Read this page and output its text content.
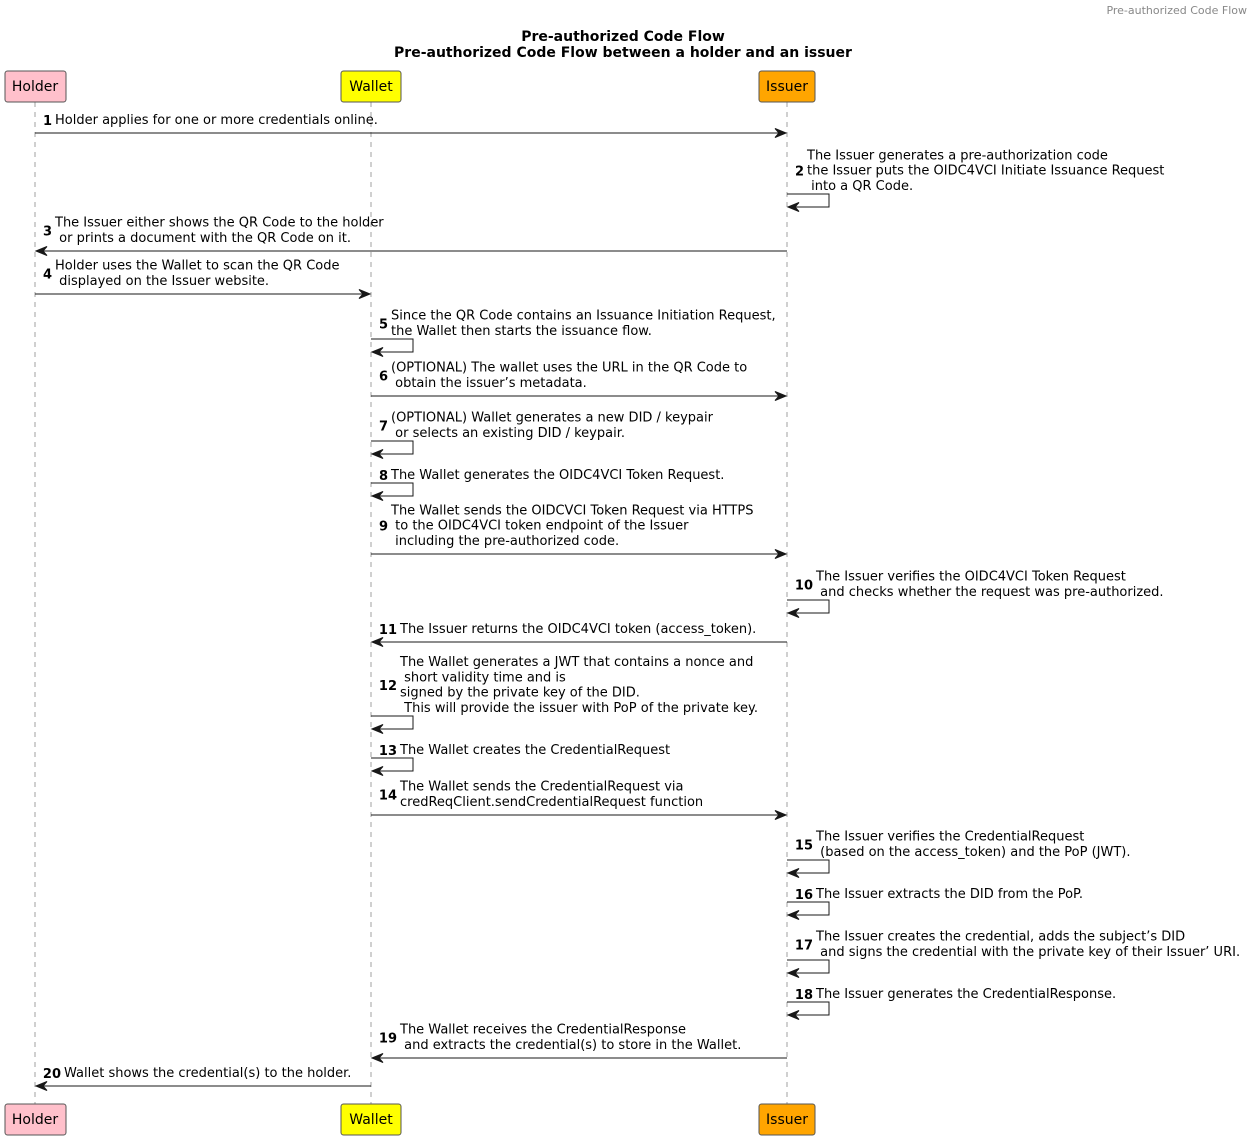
Pre-authorized Code Flow
Pre-authorized Code Flow
Pre-authorized Code Flow between a holder and an issuer
Holder
Holder
Wallet
Wallet
Issuer
Issuer
1 Holder applies for one or more credentials online.
2
The Issuer generates a pre-authorization code
the Issuer puts the OIDC4VCI Initiate Issuance Request
into a QR Code.
3
The Issuer either shows the QR Code to the holder
or prints a document with the QR Code on it.
4
Holder uses the Wallet to scan the QR Code
displayed on the Issuer website.
5
Since the QR Code contains an Issuance Initiation Request,
the Wallet then starts the issuance flow.
6
(OPTIONAL) The wallet uses the URL in the QR Code to
obtain the issuer’s metadata.
7
(OPTIONAL) Wallet generates a new DID / keypair
or selects an existing DID / keypair.
8 The Wallet generates the OIDC4VCI Token Request.
9
The Wallet sends the OIDCVCI Token Request via HTTPS
to the OIDC4VCI token endpoint of the Issuer
including the pre-authorized code.
10
The Issuer verifies the OIDC4VCI Token Request
and checks whether the request was pre-authorized.
11 The Issuer returns the OIDC4VCI token (access_token).
12
The Wallet generates a JWT that contains a nonce and
short validity time and is
signed by the private key of the DID.
This will provide the issuer with PoP of the private key.
13 The Wallet creates the CredentialRequest
14
The Wallet sends the CredentialRequest via
credReqClient.sendCredentialRequest function
15
The Issuer verifies the CredentialRequest
(based on the access_token) and the PoP (JWT).
16 The Issuer extracts the DID from the PoP.
17
The Issuer creates the credential, adds the subject’s DID
and signs the credential with the private key of their Issuer’ URI.
18 The Issuer generates the CredentialResponse.
19
The Wallet receives the CredentialResponse
and extracts the credential(s) to store in the Wallet.
20 Wallet shows the credential(s) to the holder.
